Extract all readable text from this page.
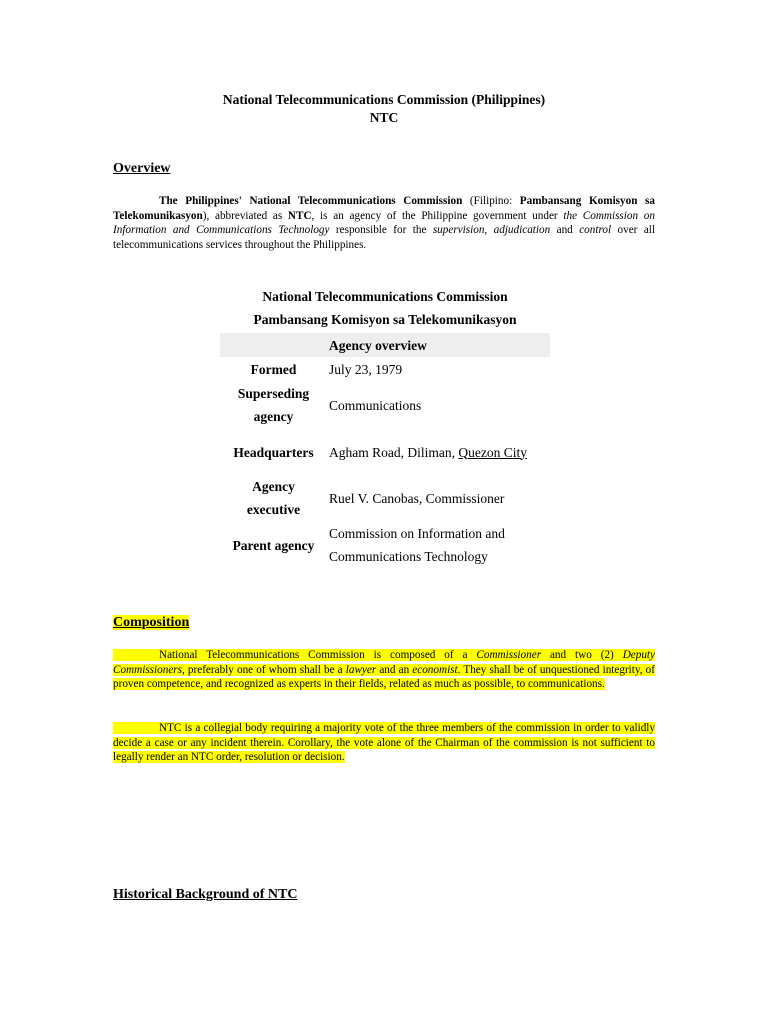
National Telecommunications Commission (Philippines)
NTC
Overview
The Philippines' National Telecommunications Commission (Filipino: Pambansang Komisyon sa Telekomunikasyon), abbreviated as NTC, is an agency of the Philippine government under the Commission on Information and Communications Technology responsible for the supervision, adjudication and control over all telecommunications services throughout the Philippines.
National Telecommunications Commission
Pambansang Komisyon sa Telekomunikasyon
Agency overview
Formed	July 23, 1979
Superseding agency
Communications
Headquarters	Agham Road, Diliman, Quezon City
Agency executive
Ruel V. Canobas, Commissioner
Parent agency
Commission on Information and Communications Technology
Composition
National Telecommunications Commission is composed of a Commissioner and two (2) Deputy Commissioners, preferably one of whom shall be a lawyer and an economist. They shall be of unquestioned integrity, of proven competence, and recognized as experts in their fields, related as much as possible, to communications.
NTC is a collegial body requiring a majority vote of the three members of the commission in order to validly decide a case or any incident therein. Corollary, the vote alone of the Chairman of the commission is not sufficient to legally render an NTC order, resolution or decision.
Historical Background of NTC
